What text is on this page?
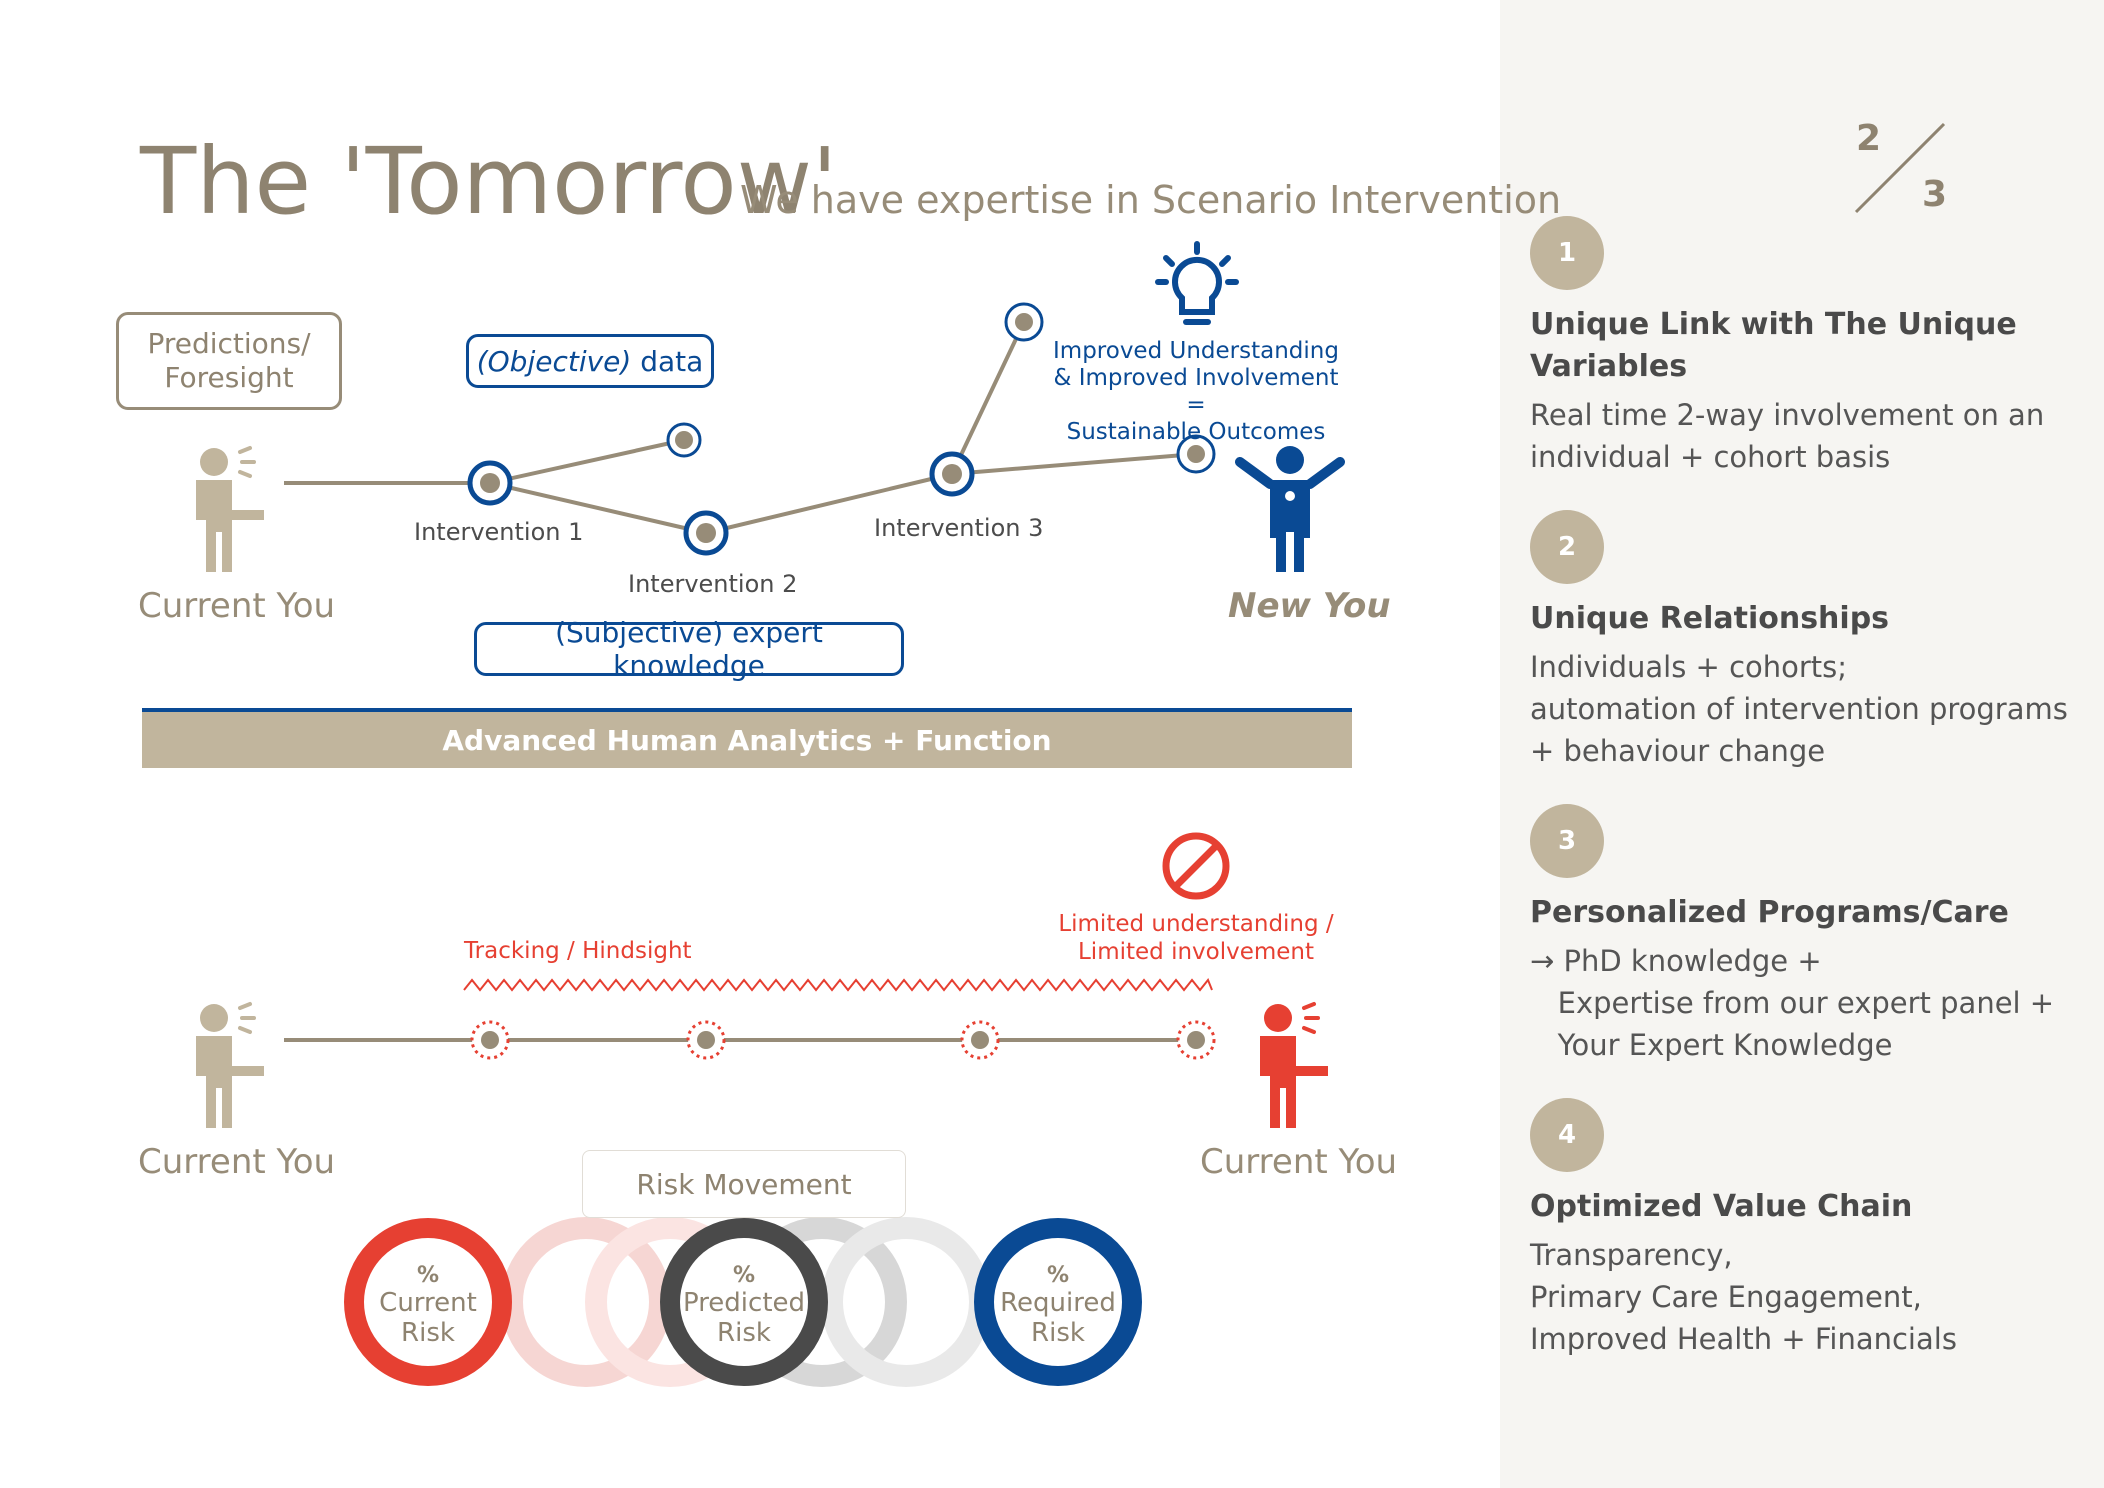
The 'Tomorrow'
We have expertise in Scenario Intervention
Predictions/ Foresight	(Objective) data
(Subjective) expert knowledge
Intervention 1
Intervention 2
Intervention 3
Current You	New You
Improved Understanding
& Improved Involvement =
Sustainable Outcomes
Advanced Human Analytics + Function
Tracking / Hindsight
Limited understanding /
Limited involvement
Current You	Current You
Risk Movement
%
Current
Risk
%
Predicted
Risk
%
Required
Risk
2
3
1
Unique Link with The Unique
Variables
Real time 2-way involvement on an
individual + cohort basis
2
Unique Relationships
Individuals + cohorts;
automation of intervention programs
+ behaviour change
3
Personalized Programs/Care
→ PhD knowledge +
Expertise from our expert panel +
Your Expert Knowledge
4
Optimized Value Chain
Transparency,
Primary Care Engagement,
Improved Health + Financials
